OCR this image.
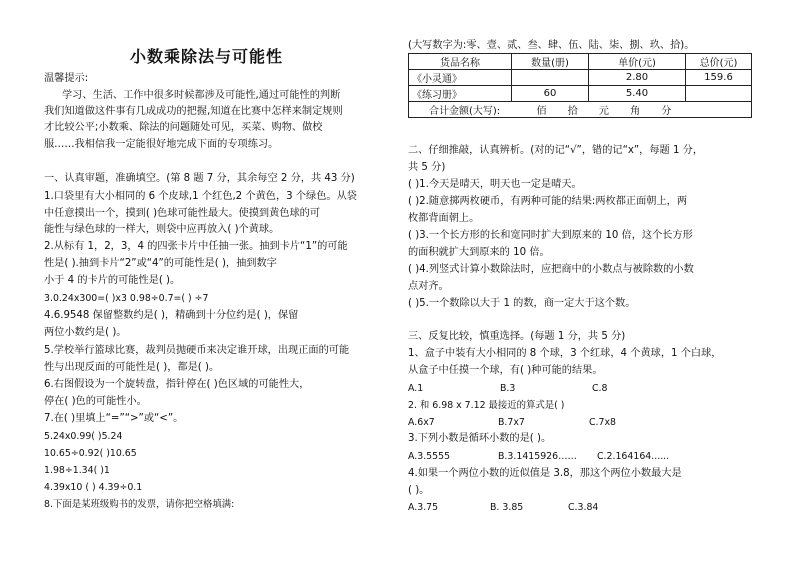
小数乘除法与可能性
温馨提示:
学习、生活、工作中很多时候都涉及可能性,通过可能性的判断
我们知道做这件事有几成成功的把握,知道在比赛中怎样来制定规则
才比较公平;小数乘、除法的问题随处可见，买菜、购物、做校
服……我相信我一定能很好地完成下面的专项练习。
一、认真审题，准确填空。(第 8 题 7 分，其余每空 2 分，共 43 分)
1.口袋里有大小相同的 6 个皮球,1 个红色,2 个黄色，3 个绿色。从袋
中任意摸出一个，摸到( )色球可能性最大。使摸到黄色球的可
能性与绿色球的一样大，则袋中应再放入( )个黄球。
2.从标有 1，2，3，4 的四张卡片中任抽一张。抽到卡片“1”的可能
性是( ).抽到卡片“2”或“4”的可能性是( )，抽到数字
小于 4 的卡片的可能性是( )。
3.0.24x300=( )x3 0.98÷0.7=( ) ÷7
4.6.9548 保留整数约是( )，精确到十分位约是( )，保留
两位小数约是( )。
5.学校举行篮球比赛，裁判员抛硬币来决定谁开球，出现正面的可能
性与出现反面的可能性是( )，都是( )。
6.右图假设为一个旋转盘，指针停在( )色区域的可能性大，
停在( )色的可能性小。
7.在( )里填上“=”“>”或“<”。
5.24x0.99( )5.24
10.65÷0.92( )10.65
1.98÷1.34( )1
4.39x10 ( ) 4.39÷0.1
8.下面是某班级购书的发票，请你把空格填满:
(大写数字为:零、壹、贰、叁、肆、伍、陆、柒、捌、玖、拾)。
货品名称	数量(册)	单价(元)	总价(元)
《小灵通》		2.80	159.6
《练习册》	60	5.40	
合计金额(大写): 佰 拾 元 角 分			
二、仔细推敲，认真辨析。(对的记“√”，错的记“x”，每题 1 分，
共 5 分)
( )1.今天是晴天，明天也一定是晴天。
( )2.随意掷两枚硬币，有两种可能的结果:两枚都正面朝上，两
枚都背面朝上。
( )3.一个长方形的长和宽同时扩大到原来的 10 倍，这个长方形
的面积就扩大到原来的 10 倍。
( )4.列竖式计算小数除法时，应把商中的小数点与被除数的小数
点对齐。
( )5.一个数除以大于 1 的数，商一定大于这个数。
三、反复比较，慎重选择。(每题 1 分，共 5 分)
1、盒子中装有大小相同的 8 个球，3 个红球，4 个黄球，1 个白球，
从盒子中任摸一个球，有( )种可能的结果。
A.1	B.3	C.8
2. 和 6.98 x 7.12 最接近的算式是( )
A.6x7	B.7x7	C.7x8
3.下列小数是循环小数的是( )。
A.3.5555	B.3.1415926…… C.2.164164......
4.如果一个两位小数的近似值是 3.8，那这个两位小数最大是
( )。
A.3.75	B. 3.85	C.3.84
